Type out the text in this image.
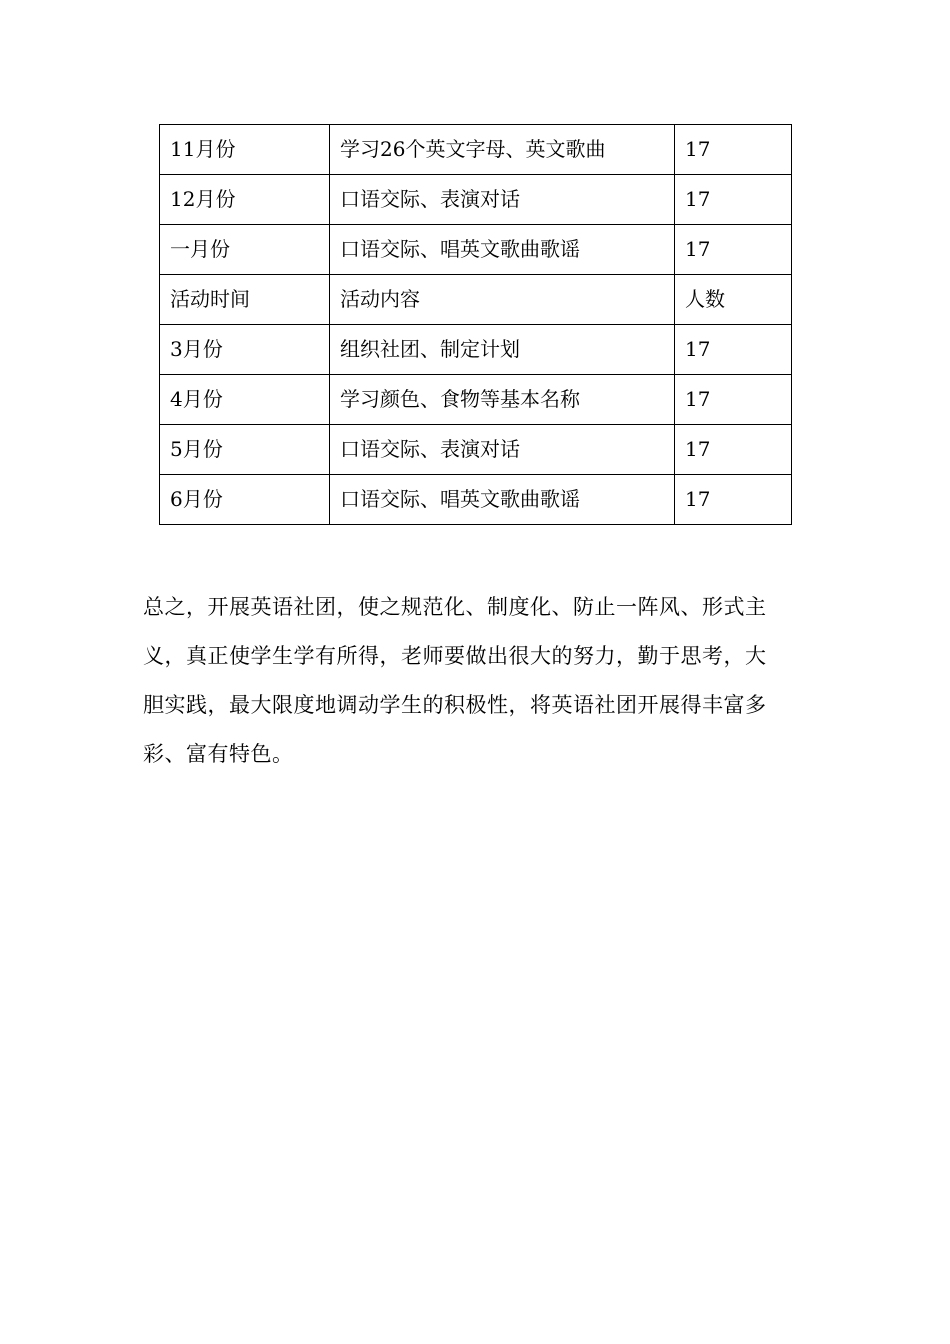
11月份	学习26个英文字母、英文歌曲	17
12月份	口语交际、表演对话	17
一月份	口语交际、唱英文歌曲歌谣	17
活动时间	活动内容	人数
3月份	组织社团、制定计划	17
4月份	学习颜色、食物等基本名称	17
5月份	口语交际、表演对话	17
6月份	口语交际、唱英文歌曲歌谣	17

总之，开展英语社团，使之规范化、制度化、防止一阵风、形式主
义，真正使学生学有所得，老师要做出很大的努力，勤于思考，大
胆实践，最大限度地调动学生的积极性，将英语社团开展得丰富多
彩、富有特色。
